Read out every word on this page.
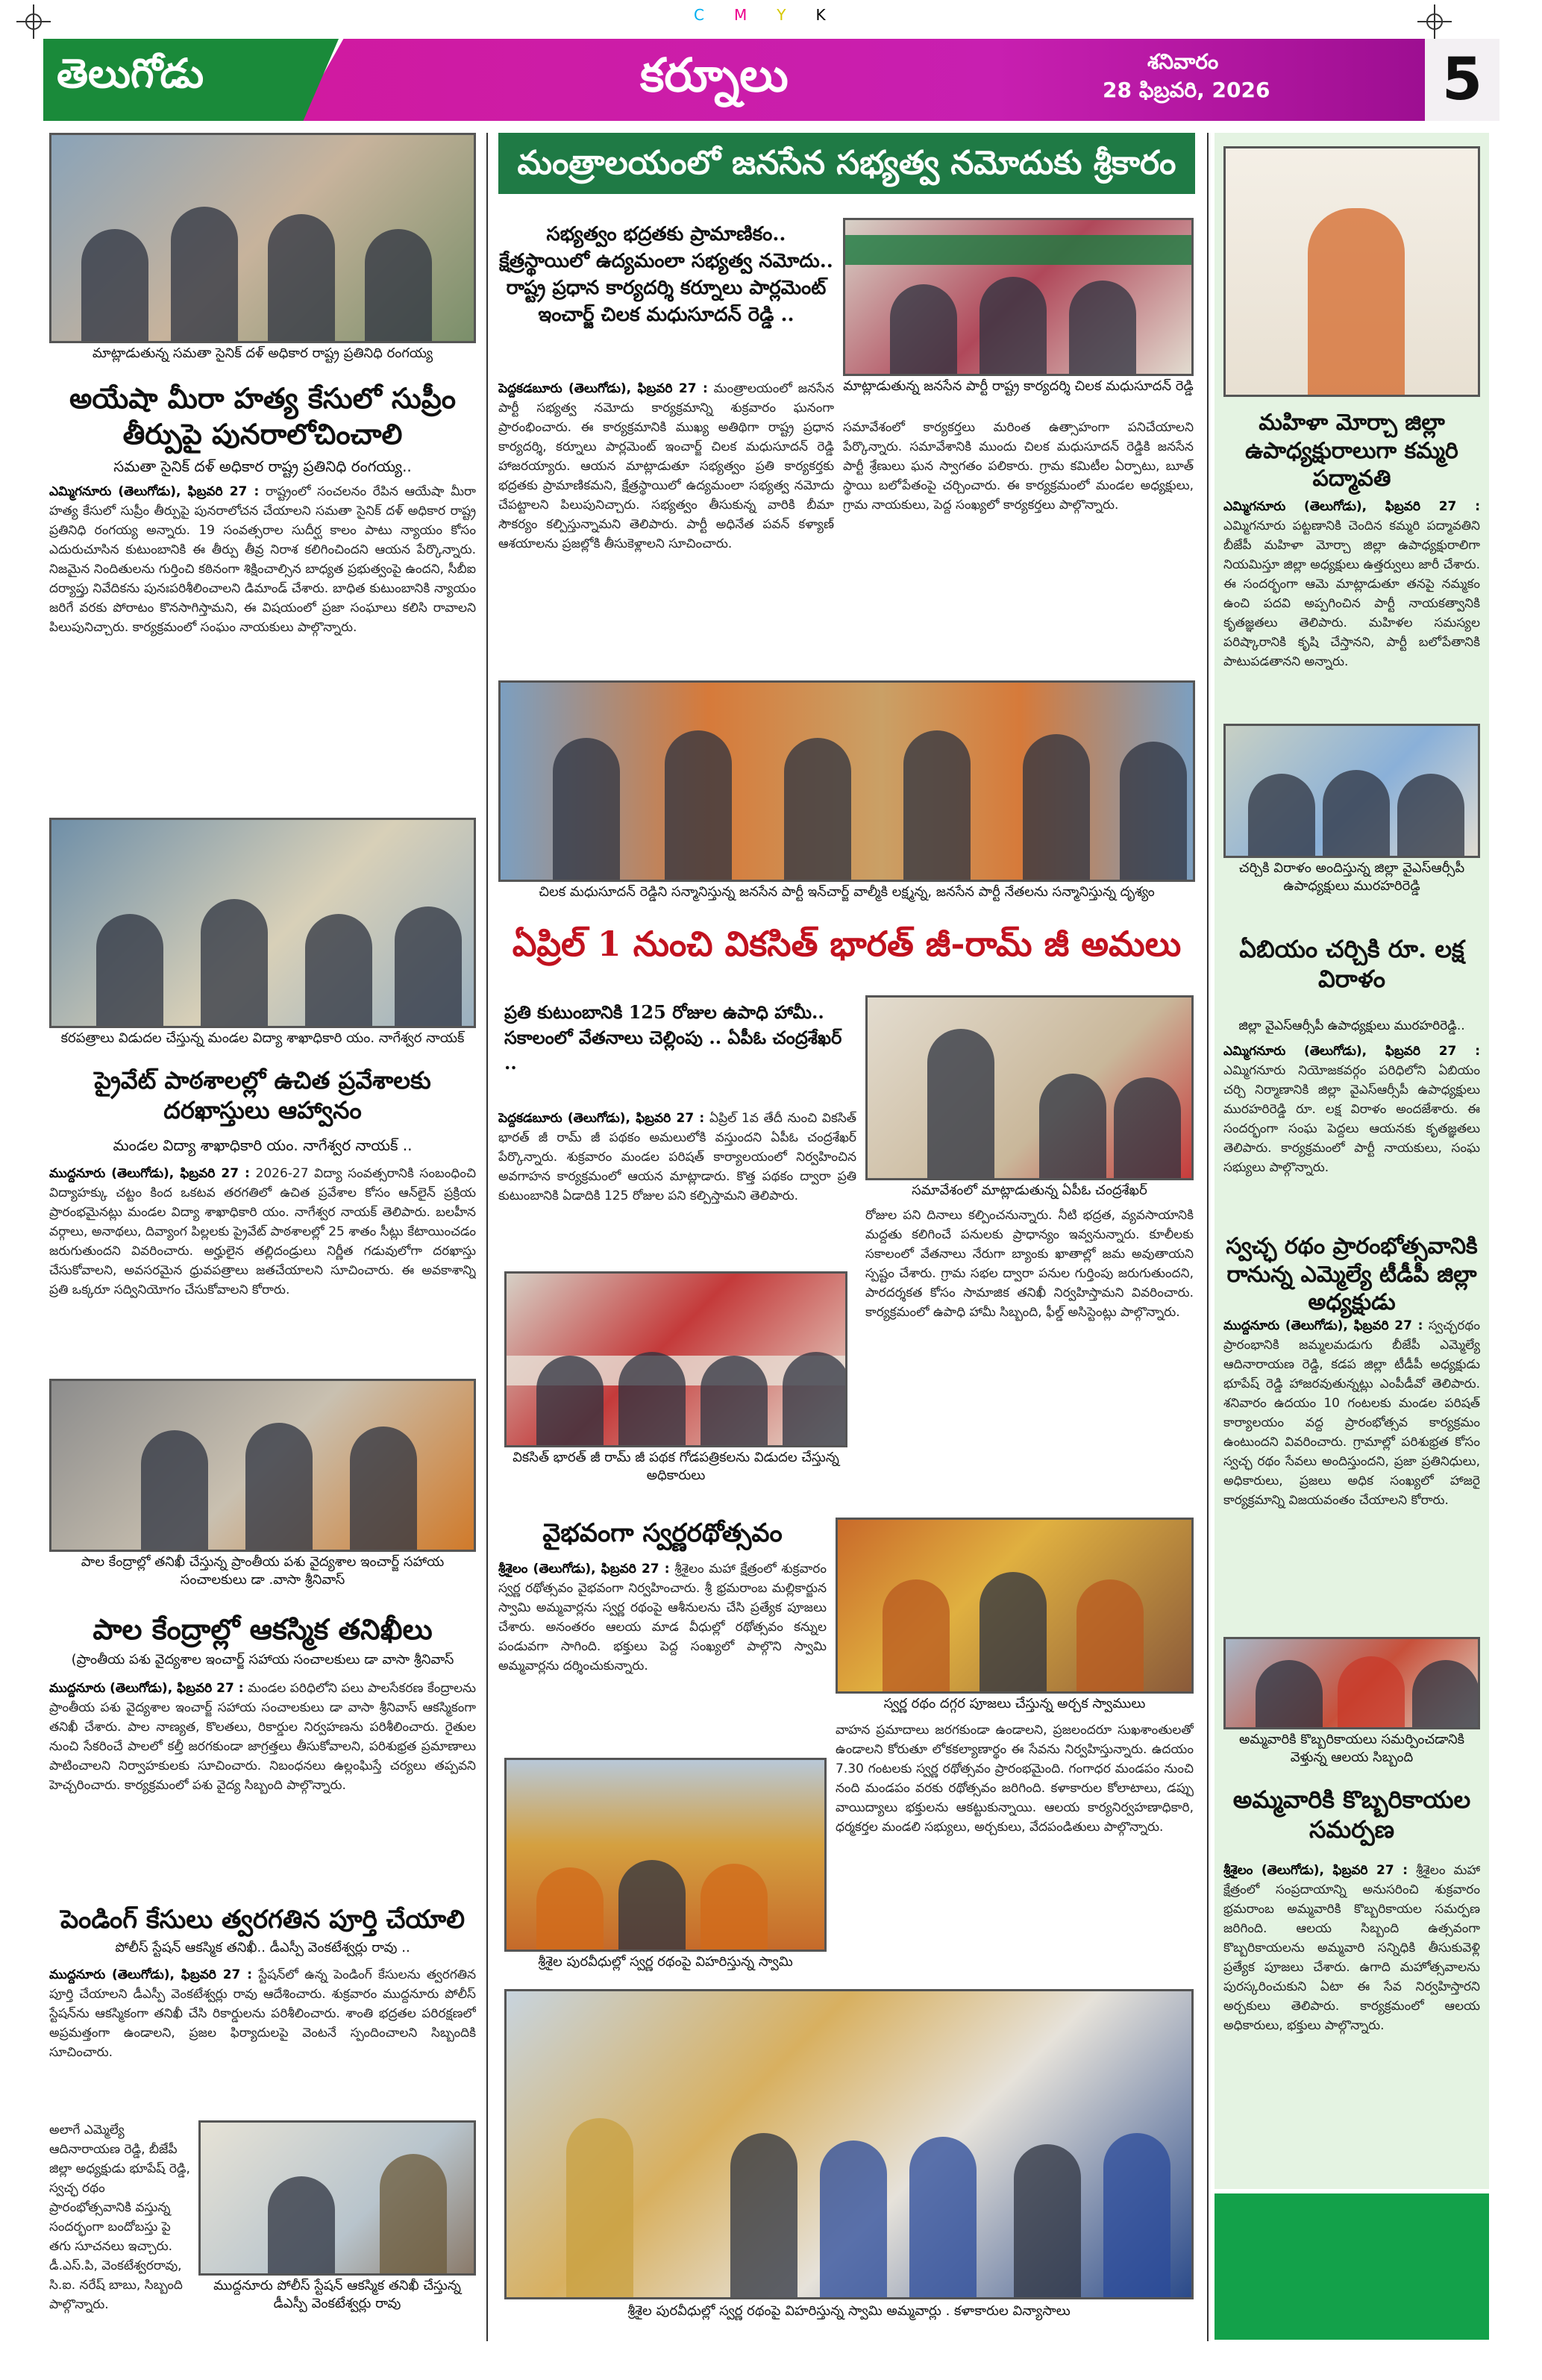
CMYK
తెలుగోడు	కర్నూలు	శనివారం
28 ఫిబ్రవరి, 2026	5
మాట్లాడుతున్న సమతా సైనిక్ దళ్ అధికార రాష్ట్ర ప్రతినిధి రంగయ్య
అయేషా మీరా హత్య కేసులో సుప్రీం తీర్పుపై పునరాలోచించాలి
సమతా సైనిక్ దళ్ అధికార రాష్ట్ర ప్రతినిధి రంగయ్య..
ఎమ్మిగనూరు (తెలుగోడు), ఫిబ్రవరి 27 : రాష్ట్రంలో సంచలనం రేపిన ఆయేషా మీరా హత్య కేసులో సుప్రీం తీర్పుపై పునరాలోచన చేయాలని సమతా సైనిక్ దళ్ అధికార రాష్ట్ర ప్రతినిధి రంగయ్య అన్నారు. 19 సంవత్సరాల సుదీర్ఘ కాలం పాటు న్యాయం కోసం ఎదురుచూసిన కుటుంబానికి ఈ తీర్పు తీవ్ర నిరాశ కలిగించిందని ఆయన పేర్కొన్నారు. నిజమైన నిందితులను గుర్తించి కఠినంగా శిక్షించాల్సిన బాధ్యత ప్రభుత్వంపై ఉందని, సీబీఐ దర్యాప్తు నివేదికను పునఃపరిశీలించాలని డిమాండ్ చేశారు. బాధిత కుటుంబానికి న్యాయం జరిగే వరకు పోరాటం కొనసాగిస్తామని, ఈ విషయంలో ప్రజా సంఘాలు కలిసి రావాలని పిలుపునిచ్చారు. కార్యక్రమంలో సంఘం నాయకులు పాల్గొన్నారు.
కరపత్రాలు విడుదల చేస్తున్న మండల విద్యా శాఖాధికారి యం. నాగేశ్వర నాయక్
ప్రైవేట్ పాఠశాలల్లో ఉచిత ప్రవేశాలకు దరఖాస్తులు ఆహ్వానం
మండల విద్యా శాఖాధికారి యం. నాగేశ్వర నాయక్ ..
ముద్దనూరు (తెలుగోడు), ఫిబ్రవరి 27 : 2026-27 విద్యా సంవత్సరానికి సంబంధించి విద్యాహక్కు చట్టం కింద ఒకటవ తరగతిలో ఉచిత ప్రవేశాల కోసం ఆన్‌లైన్ ప్రక్రియ ప్రారంభమైనట్లు మండల విద్యా శాఖాధికారి యం. నాగేశ్వర నాయక్ తెలిపారు. బలహీన వర్గాలు, అనాథలు, దివ్యాంగ పిల్లలకు ప్రైవేట్ పాఠశాలల్లో 25 శాతం సీట్లు కేటాయించడం జరుగుతుందని వివరించారు. అర్హులైన తల్లిదండ్రులు నిర్ణీత గడువులోగా దరఖాస్తు చేసుకోవాలని, అవసరమైన ధ్రువపత్రాలు జతచేయాలని సూచించారు. ఈ అవకాశాన్ని ప్రతి ఒక్కరూ సద్వినియోగం చేసుకోవాలని కోరారు.
పాల కేంద్రాల్లో తనిఖీ చేస్తున్న ప్రాంతీయ పశు వైద్యశాల ఇంచార్జ్ సహాయ సంచాలకులు డా .వాసా శ్రీనివాస్
పాల కేంద్రాల్లో ఆకస్మిక తనిఖీలు
(ప్రాంతీయ పశు వైద్యశాల ఇంచార్జ్ సహాయ సంచాలకులు డా వాసా శ్రీనివాస్
ముద్దనూరు (తెలుగోడు), ఫిబ్రవరి 27 : మండల పరిధిలోని పలు పాలసేకరణ కేంద్రాలను ప్రాంతీయ పశు వైద్యశాల ఇంచార్జ్ సహాయ సంచాలకులు డా వాసా శ్రీనివాస్ ఆకస్మికంగా తనిఖీ చేశారు. పాల నాణ్యత, కొలతలు, రికార్డుల నిర్వహణను పరిశీలించారు. రైతుల నుంచి సేకరించే పాలలో కల్తీ జరగకుండా జాగ్రత్తలు తీసుకోవాలని, పరిశుభ్రత ప్రమాణాలు పాటించాలని నిర్వాహకులకు సూచించారు. నిబంధనలు ఉల్లంఘిస్తే చర్యలు తప్పవని హెచ్చరించారు. కార్యక్రమంలో పశు వైద్య సిబ్బంది పాల్గొన్నారు.
పెండింగ్ కేసులు త్వరగతిన పూర్తి చేయాలి
పోలీస్ స్టేషన్ ఆకస్మిక తనిఖీ.. డీఎస్పీ వెంకటేశ్వర్లు రావు ..
ముద్దనూరు (తెలుగోడు), ఫిబ్రవరి 27 : స్టేషన్‌లో ఉన్న పెండింగ్ కేసులను త్వరగతిన పూర్తి చేయాలని డీఎస్పీ వెంకటేశ్వర్లు రావు ఆదేశించారు. శుక్రవారం ముద్దనూరు పోలీస్ స్టేషన్‌ను ఆకస్మికంగా తనిఖీ చేసి రికార్డులను పరిశీలించారు. శాంతి భద్రతల పరిరక్షణలో అప్రమత్తంగా ఉండాలని, ప్రజల ఫిర్యాదులపై వెంటనే స్పందించాలని సిబ్బందికి సూచించారు.
అలాగే ఎమ్మెల్యే ఆదినారాయణ రెడ్డి, బీజేపీ జిల్లా అధ్యక్షుడు భూపేష్ రెడ్డి, స్వచ్ఛ రథం ప్రారంభోత్సవానికి వస్తున్న సందర్భంగా బందోబస్తు పై తగు సూచనలు ఇచ్చారు. డీ.ఎస్.పి, వెంకటేశ్వరరావు, సి.ఐ. నరేష్ బాబు, సిబ్బంది పాల్గొన్నారు.
ముద్దనూరు పోలీస్ స్టేషన్ ఆకస్మిక తనిఖీ చేస్తున్న డీఎస్పీ వెంకటేశ్వర్లు రావు
మంత్రాలయంలో జనసేన సభ్యత్వ నమోదుకు శ్రీకారం
సభ్యత్వం భద్రతకు ప్రామాణికం.. క్షేత్రస్థాయిలో ఉద్యమంలా సభ్యత్వ నమోదు.. రాష్ట్ర ప్రధాన కార్యదర్శి కర్నూలు పార్లమెంట్ ఇంచార్జ్ చిలక మధుసూదన్ రెడ్డి ..
మాట్లాడుతున్న జనసేన పార్టీ రాష్ట్ర కార్యదర్శి చిలక మధుసూదన్ రెడ్డి
పెద్దకడబూరు (తెలుగోడు), ఫిబ్రవరి 27 : మంత్రాలయంలో జనసేన పార్టీ సభ్యత్వ నమోదు కార్యక్రమాన్ని శుక్రవారం ఘనంగా ప్రారంభించారు. ఈ కార్యక్రమానికి ముఖ్య అతిథిగా రాష్ట్ర ప్రధాన కార్యదర్శి, కర్నూలు పార్లమెంట్ ఇంచార్జ్ చిలక మధుసూదన్ రెడ్డి హాజరయ్యారు. ఆయన మాట్లాడుతూ సభ్యత్వం ప్రతి కార్యకర్తకు భద్రతకు ప్రామాణికమని, క్షేత్రస్థాయిలో ఉద్యమంలా సభ్యత్వ నమోదు చేపట్టాలని పిలుపునిచ్చారు. సభ్యత్వం తీసుకున్న వారికి బీమా సౌకర్యం కల్పిస్తున్నామని తెలిపారు. పార్టీ అధినేత పవన్ కళ్యాణ్ ఆశయాలను ప్రజల్లోకి తీసుకెళ్లాలని సూచించారు.
సమావేశంలో కార్యకర్తలు మరింత ఉత్సాహంగా పనిచేయాలని పేర్కొన్నారు. సమావేశానికి ముందు చిలక మధుసూదన్ రెడ్డికి జనసేన పార్టీ శ్రేణులు ఘన స్వాగతం పలికారు. గ్రామ కమిటీల ఏర్పాటు, బూత్ స్థాయి బలోపేతంపై చర్చించారు. ఈ కార్యక్రమంలో మండల అధ్యక్షులు, గ్రామ నాయకులు, పెద్ద సంఖ్యలో కార్యకర్తలు పాల్గొన్నారు.
చిలక మధుసూదన్ రెడ్డిని సన్మానిస్తున్న జనసేన పార్టీ ఇన్‌చార్జ్ వాల్మీకి లక్ష్మన్న, జనసేన పార్టీ నేతలను సన్మానిస్తున్న దృశ్యం
ఏప్రిల్ 1 నుంచి వికసిత్ భారత్ జీ-రామ్ జీ అమలు
ప్రతి కుటుంబానికి 125 రోజుల ఉపాధి హామీ.. సకాలంలో వేతనాలు చెల్లింపు .. ఏపీఓ చంద్రశేఖర్ ..
సమావేశంలో మాట్లాడుతున్న ఏపీఓ చంద్రశేఖర్
పెద్దకడబూరు (తెలుగోడు), ఫిబ్రవరి 27 : ఏప్రిల్ 1వ తేదీ నుంచి వికసిత్ భారత్ జీ రామ్ జీ పథకం అమలులోకి వస్తుందని ఏపీఓ చంద్రశేఖర్ పేర్కొన్నారు. శుక్రవారం మండల పరిషత్ కార్యాలయంలో నిర్వహించిన అవగాహన కార్యక్రమంలో ఆయన మాట్లాడారు. కొత్త పథకం ద్వారా ప్రతి కుటుంబానికి ఏడాదికి 125 రోజుల పని కల్పిస్తామని తెలిపారు.
వికసిత్ భారత్ జీ రామ్ జీ పథక గోడపత్రికలను విడుదల చేస్తున్న అధికారులు
రోజుల పని దినాలు కల్పించనున్నారు. నీటి భద్రత, వ్యవసాయానికి మద్దతు కలిగించే పనులకు ప్రాధాన్యం ఇవ్వనున్నారు. కూలీలకు సకాలంలో వేతనాలు నేరుగా బ్యాంకు ఖాతాల్లో జమ అవుతాయని స్పష్టం చేశారు. గ్రామ సభల ద్వారా పనుల గుర్తింపు జరుగుతుందని, పారదర్శకత కోసం సామాజిక తనిఖీ నిర్వహిస్తామని వివరించారు. కార్యక్రమంలో ఉపాధి హామీ సిబ్బంది, ఫీల్డ్ అసిస్టెంట్లు పాల్గొన్నారు.
వైభవంగా స్వర్ణరథోత్సవం
శ్రీశైలం (తెలుగోడు), ఫిబ్రవరి 27 : శ్రీశైలం మహా క్షేత్రంలో శుక్రవారం స్వర్ణ రథోత్సవం వైభవంగా నిర్వహించారు. శ్రీ భ్రమరాంబ మల్లికార్జున స్వామి అమ్మవార్లను స్వర్ణ రథంపై ఆశీనులను చేసి ప్రత్యేక పూజలు చేశారు. అనంతరం ఆలయ మాడ వీధుల్లో రథోత్సవం కన్నుల పండువగా సాగింది. భక్తులు పెద్ద సంఖ్యలో పాల్గొని స్వామి అమ్మవార్లను దర్శించుకున్నారు.
స్వర్ణ రథం దగ్గర పూజలు చేస్తున్న అర్చక స్వాములు
శ్రీశైల పురవీధుల్లో స్వర్ణ రథంపై విహరిస్తున్న స్వామి
వాహన ప్రమాదాలు జరగకుండా ఉండాలని, ప్రజలందరూ సుఖశాంతులతో ఉండాలని కోరుతూ లోకకల్యాణార్థం ఈ సేవను నిర్వహిస్తున్నారు. ఉదయం 7.30 గంటలకు స్వర్ణ రథోత్సవం ప్రారంభమైంది. గంగాధర మండపం నుంచి నంది మండపం వరకు రథోత్సవం జరిగింది. కళాకారుల కోలాటాలు, డప్పు వాయిద్యాలు భక్తులను ఆకట్టుకున్నాయి. ఆలయ కార్యనిర్వహణాధికారి, ధర్మకర్తల మండలి సభ్యులు, అర్చకులు, వేదపండితులు పాల్గొన్నారు.
శ్రీశైల పురవీధుల్లో స్వర్ణ రథంపై విహరిస్తున్న స్వామి అమ్మవార్లు . కళాకారుల విన్యాసాలు
మహిళా మోర్చా జిల్లా ఉపాధ్యక్షురాలుగా కమ్మరి పద్మావతి
ఎమ్మిగనూరు (తెలుగోడు), ఫిబ్రవరి 27 : ఎమ్మిగనూరు పట్టణానికి చెందిన కమ్మరి పద్మావతిని బీజేపీ మహిళా మోర్చా జిల్లా ఉపాధ్యక్షురాలిగా నియమిస్తూ జిల్లా అధ్యక్షులు ఉత్తర్వులు జారీ చేశారు. ఈ సందర్భంగా ఆమె మాట్లాడుతూ తనపై నమ్మకం ఉంచి పదవి అప్పగించిన పార్టీ నాయకత్వానికి కృతజ్ఞతలు తెలిపారు. మహిళల సమస్యల పరిష్కారానికి కృషి చేస్తానని, పార్టీ బలోపేతానికి పాటుపడతానని అన్నారు.
చర్చికి విరాళం అందిస్తున్న జిల్లా వైఎస్ఆర్సీపీ ఉపాధ్యక్షులు మురహరిరెడ్డి
ఏబియం చర్చికి రూ. లక్ష విరాళం
జిల్లా వైఎస్ఆర్సీపీ ఉపాధ్యక్షులు మురహరిరెడ్డి..
ఎమ్మిగనూరు (తెలుగోడు), ఫిబ్రవరి 27 : ఎమ్మిగనూరు నియోజకవర్గం పరిధిలోని ఏబియం చర్చి నిర్మాణానికి జిల్లా వైఎస్ఆర్సీపీ ఉపాధ్యక్షులు మురహరిరెడ్డి రూ. లక్ష విరాళం అందజేశారు. ఈ సందర్భంగా సంఘ పెద్దలు ఆయనకు కృతజ్ఞతలు తెలిపారు. కార్యక్రమంలో పార్టీ నాయకులు, సంఘ సభ్యులు పాల్గొన్నారు.
స్వచ్ఛ రథం ప్రారంభోత్సవానికి రానున్న ఎమ్మెల్యే టీడీపీ జిల్లా అధ్యక్షుడు
ముద్దనూరు (తెలుగోడు), ఫిబ్రవరి 27 : స్వచ్ఛరథం ప్రారంభానికి జమ్మలమడుగు బీజేపీ ఎమ్మెల్యే ఆదినారాయణ రెడ్డి, కడప జిల్లా టీడీపీ అధ్యక్షుడు భూపేష్ రెడ్డి హాజరవుతున్నట్లు ఎంపీడీవో తెలిపారు. శనివారం ఉదయం 10 గంటలకు మండల పరిషత్ కార్యాలయం వద్ద ప్రారంభోత్సవ కార్యక్రమం ఉంటుందని వివరించారు. గ్రామాల్లో పరిశుభ్రత కోసం స్వచ్ఛ రథం సేవలు అందిస్తుందని, ప్రజా ప్రతినిధులు, అధికారులు, ప్రజలు అధిక సంఖ్యలో హాజరై కార్యక్రమాన్ని విజయవంతం చేయాలని కోరారు.
అమ్మవారికి కొబ్బరికాయలు సమర్పించడానికి వెళ్తున్న ఆలయ సిబ్బంది
అమ్మవారికి కొబ్బరికాయల సమర్పణ
శ్రీశైలం (తెలుగోడు), ఫిబ్రవరి 27 : శ్రీశైలం మహా క్షేత్రంలో సంప్రదాయాన్ని అనుసరించి శుక్రవారం భ్రమరాంబ అమ్మవారికి కొబ్బరికాయల సమర్పణ జరిగింది. ఆలయ సిబ్బంది ఉత్సవంగా కొబ్బరికాయలను అమ్మవారి సన్నిధికి తీసుకువెళ్లి ప్రత్యేక పూజలు చేశారు. ఉగాది మహోత్సవాలను పురస్కరించుకుని ఏటా ఈ సేవ నిర్వహిస్తారని అర్చకులు తెలిపారు. కార్యక్రమంలో ఆలయ అధికారులు, భక్తులు పాల్గొన్నారు.
